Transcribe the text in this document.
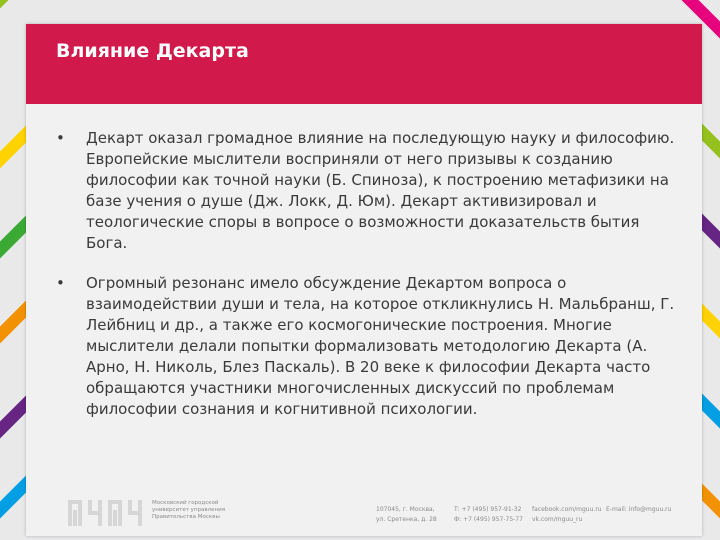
Влияние Декарта
• Декарт оказал громадное влияние на последующую науку и философию. Европейские мыслители восприняли от него призывы к созданию философии как точной науки (Б. Спиноза), к построению метафизики на базе учения о душе (Дж. Локк, Д. Юм). Декарт активизировал и теологические споры в вопросе о возможности доказательств бытия Бога.
• Огромный резонанс имело обсуждение Декартом вопроса о взаимодействии души и тела, на которое откликнулись Н. Мальбранш, Г. Лейбниц и др., а также его космогонические построения. Многие мыслители делали попытки формализовать методологию Декарта (А. Арно, Н. Николь, Блез Паскаль). В 20 веке к философии Декарта часто обращаются участники многочисленных дискуссий по проблемам философии сознания и когнитивной психологии.
Московский городской университет управления Правительства Москвы
107045, г. Москва,
ул. Сретенка, д. 28
Т: +7 (495) 957-91-32
Ф: +7 (495) 957-75-77
facebook.com/mguu.ru
vk.com/mguu_ru
E-mail: info@mguu.ru
